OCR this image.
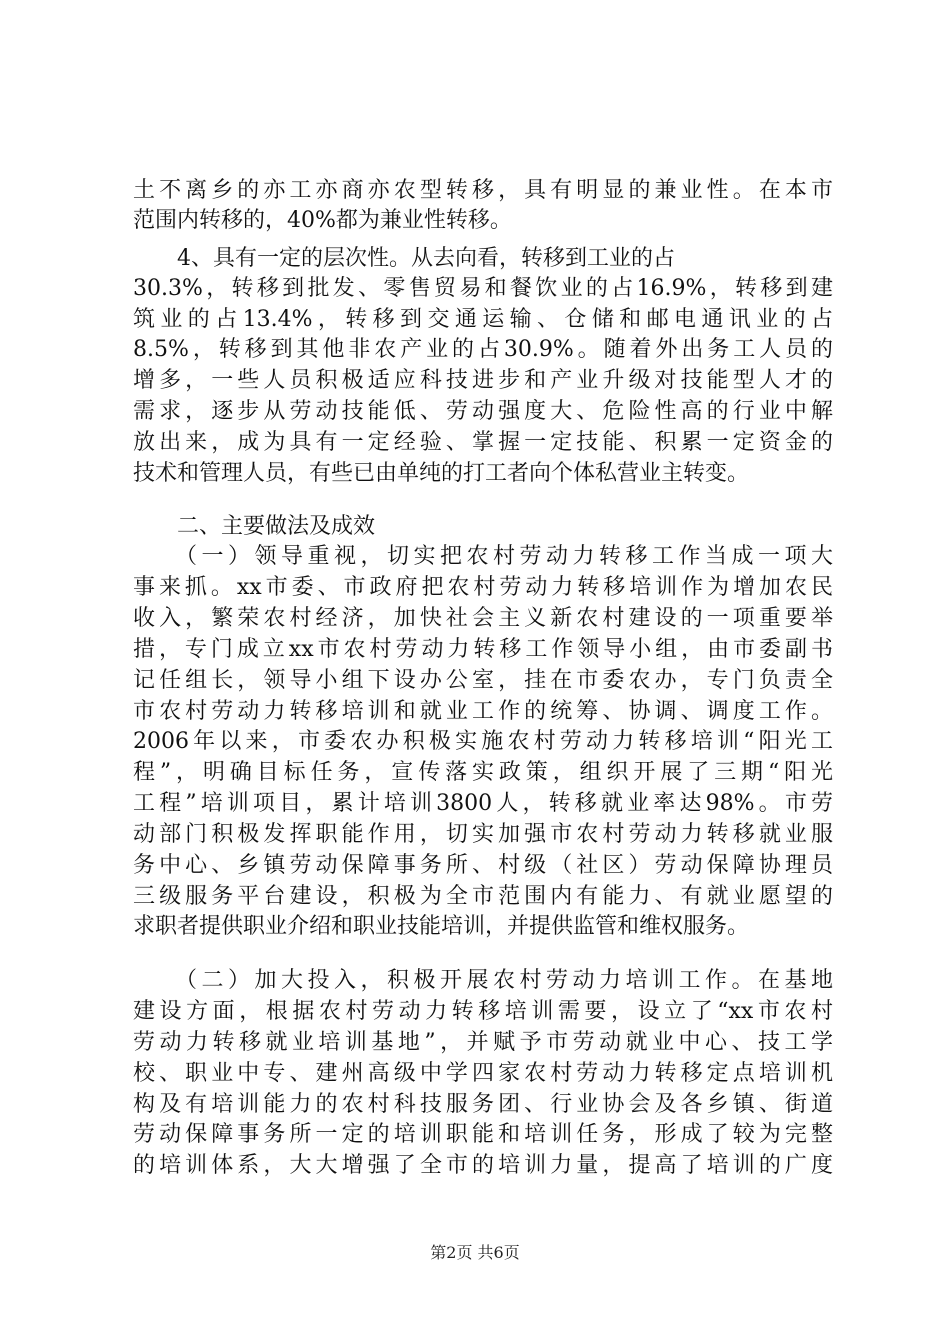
土不离乡的亦工亦商亦农型转移，具有明显的兼业性。在本市
范围内转移的，40%都为兼业性转移。
　　4、具有一定的层次性。从去向看，转移到工业的占
30.3%，转移到批发、零售贸易和餐饮业的占16.9%，转移到建
筑业的占13.4%，转移到交通运输、仓储和邮电通讯业的占
8.5%，转移到其他非农产业的占30.9%。随着外出务工人员的
增多，一些人员积极适应科技进步和产业升级对技能型人才的
需求，逐步从劳动技能低、劳动强度大、危险性高的行业中解
放出来，成为具有一定经验、掌握一定技能、积累一定资金的
技术和管理人员，有些已由单纯的打工者向个体私营业主转变。
　　二、主要做法及成效
　　（一）领导重视，切实把农村劳动力转移工作当成一项大
事来抓。xx市委、市政府把农村劳动力转移培训作为增加农民
收入，繁荣农村经济，加快社会主义新农村建设的一项重要举
措，专门成立xx市农村劳动力转移工作领导小组，由市委副书
记任组长，领导小组下设办公室，挂在市委农办，专门负责全
市农村劳动力转移培训和就业工作的统筹、协调、调度工作。
2006年以来，市委农办积极实施农村劳动力转移培训“阳光工
程”，明确目标任务，宣传落实政策，组织开展了三期“阳光
工程”培训项目，累计培训3800人，转移就业率达98%。市劳
动部门积极发挥职能作用，切实加强市农村劳动力转移就业服
务中心、乡镇劳动保障事务所、村级（社区）劳动保障协理员
三级服务平台建设，积极为全市范围内有能力、有就业愿望的
求职者提供职业介绍和职业技能培训，并提供监管和维权服务。
　　（二）加大投入，积极开展农村劳动力培训工作。在基地
建设方面，根据农村劳动力转移培训需要，设立了“xx市农村
劳动力转移就业培训基地”，并赋予市劳动就业中心、技工学
校、职业中专、建州高级中学四家农村劳动力转移定点培训机
构及有培训能力的农村科技服务团、行业协会及各乡镇、街道
劳动保障事务所一定的培训职能和培训任务，形成了较为完整
的培训体系，大大增强了全市的培训力量，提高了培训的广度
第2页 共6页
